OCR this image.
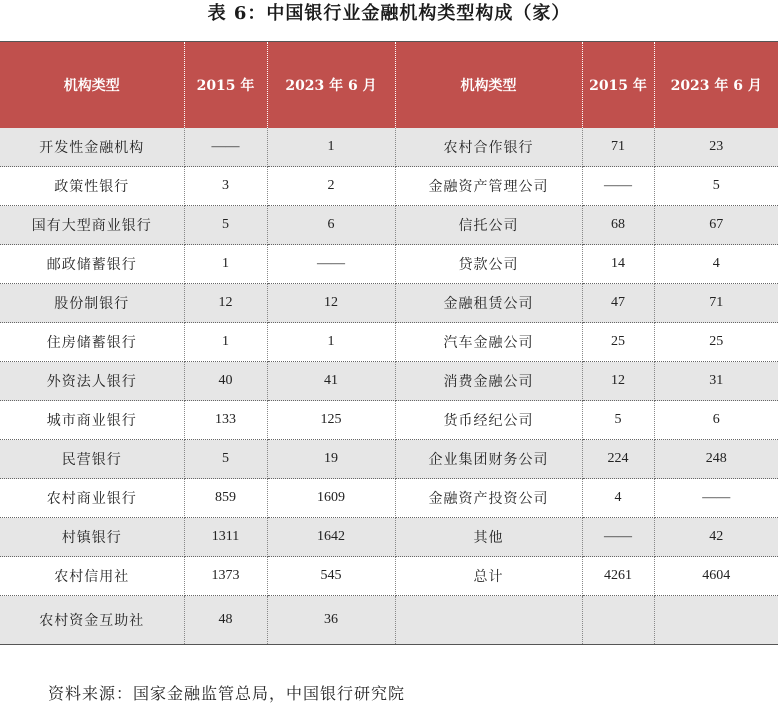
表 6：中国银行业金融机构类型构成（家）
机构类型	2015 年	2023 年 6 月	机构类型	2015 年	2023 年 6 月
开发性金融机构	——	1	农村合作银行	71	23
政策性银行	3	2	金融资产管理公司	——	5
国有大型商业银行	5	6	信托公司	68	67
邮政储蓄银行	1	——	贷款公司	14	4
股份制银行	12	12	金融租赁公司	47	71
住房储蓄银行	1	1	汽车金融公司	25	25
外资法人银行	40	41	消费金融公司	12	31
城市商业银行	133	125	货币经纪公司	5	6
民营银行	5	19	企业集团财务公司	224	248
农村商业银行	859	1609	金融资产投资公司	4	——
村镇银行	1311	1642	其他	——	42
农村信用社	1373	545	总计	4261	4604
农村资金互助社	48	36			
资料来源：国家金融监管总局，中国银行研究院
